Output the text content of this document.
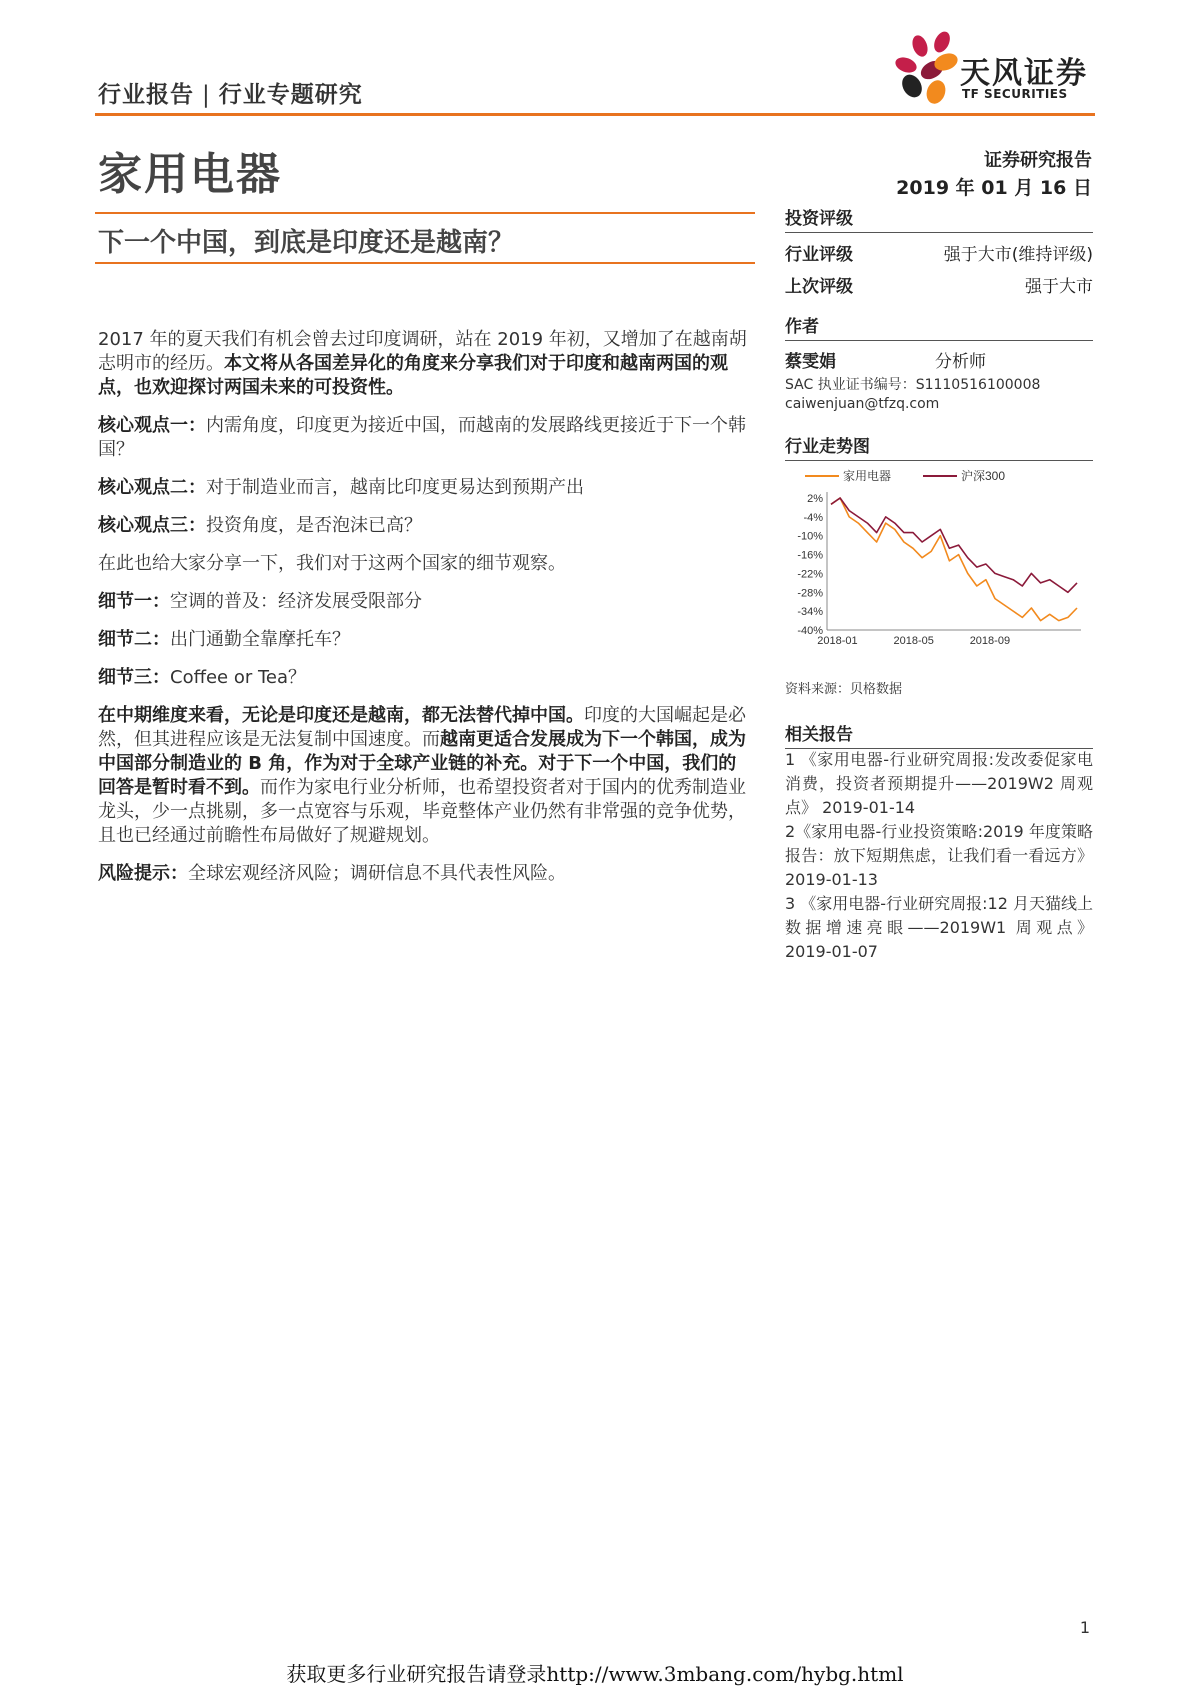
行业报告 | 行业专题研究
天风证券
TF SECURITIES
家用电器	证券研究报告
2019 年 01 月 16 日
下一个中国，到底是印度还是越南？
投资评级
行业评级	强于大市(维持评级)
上次评级	强于大市
作者
蔡雯娟	分析师
SAC 执业证书编号：S1110516100008
caiwenjuan@tfzq.com
行业走势图
家用电器	沪深300
2%
-4%
-10%
-16%
-22%
-28%
-34%
-40%
2018-01	2018-05	2018-09
资料来源：贝格数据
相关报告

1 《家用电器-行业研究周报:发改委促家电消费，投资者预期提升——2019W2 周观点》 2019-01-14

2《家用电器-行业投资策略:2019 年度策略报告：放下短期焦虑，让我们看一看远方》 2019-01-13

3 《家用电器-行业研究周报:12 月天猫线上数据增速亮眼——2019W1 周观点》 2019-01-07

2017 年的夏天我们有机会曾去过印度调研，站在 2019 年初，又增加了在越南胡志明市的经历。本文将从各国差异化的角度来分享我们对于印度和越南两国的观点，也欢迎探讨两国未来的可投资性。

核心观点一：内需角度，印度更为接近中国，而越南的发展路线更接近于下一个韩国？

核心观点二：对于制造业而言，越南比印度更易达到预期产出

核心观点三：投资角度，是否泡沫已高？

在此也给大家分享一下，我们对于这两个国家的细节观察。

细节一：空调的普及：经济发展受限部分

细节二：出门通勤全靠摩托车？

细节三：Coffee or Tea？

在中期维度来看，无论是印度还是越南，都无法替代掉中国。印度的大国崛起是必然，但其进程应该是无法复制中国速度。而越南更适合发展成为下一个韩国，成为中国部分制造业的 B 角，作为对于全球产业链的补充。对于下一个中国，我们的回答是暂时看不到。而作为家电行业分析师，也希望投资者对于国内的优秀制造业龙头，少一点挑剔，多一点宽容与乐观，毕竟整体产业仍然有非常强的竞争优势，且也已经通过前瞻性布局做好了规避规划。

风险提示：全球宏观经济风险；调研信息不具代表性风险。

1
获取更多行业研究报告请登录http://www.3mbang.com/hybg.html
